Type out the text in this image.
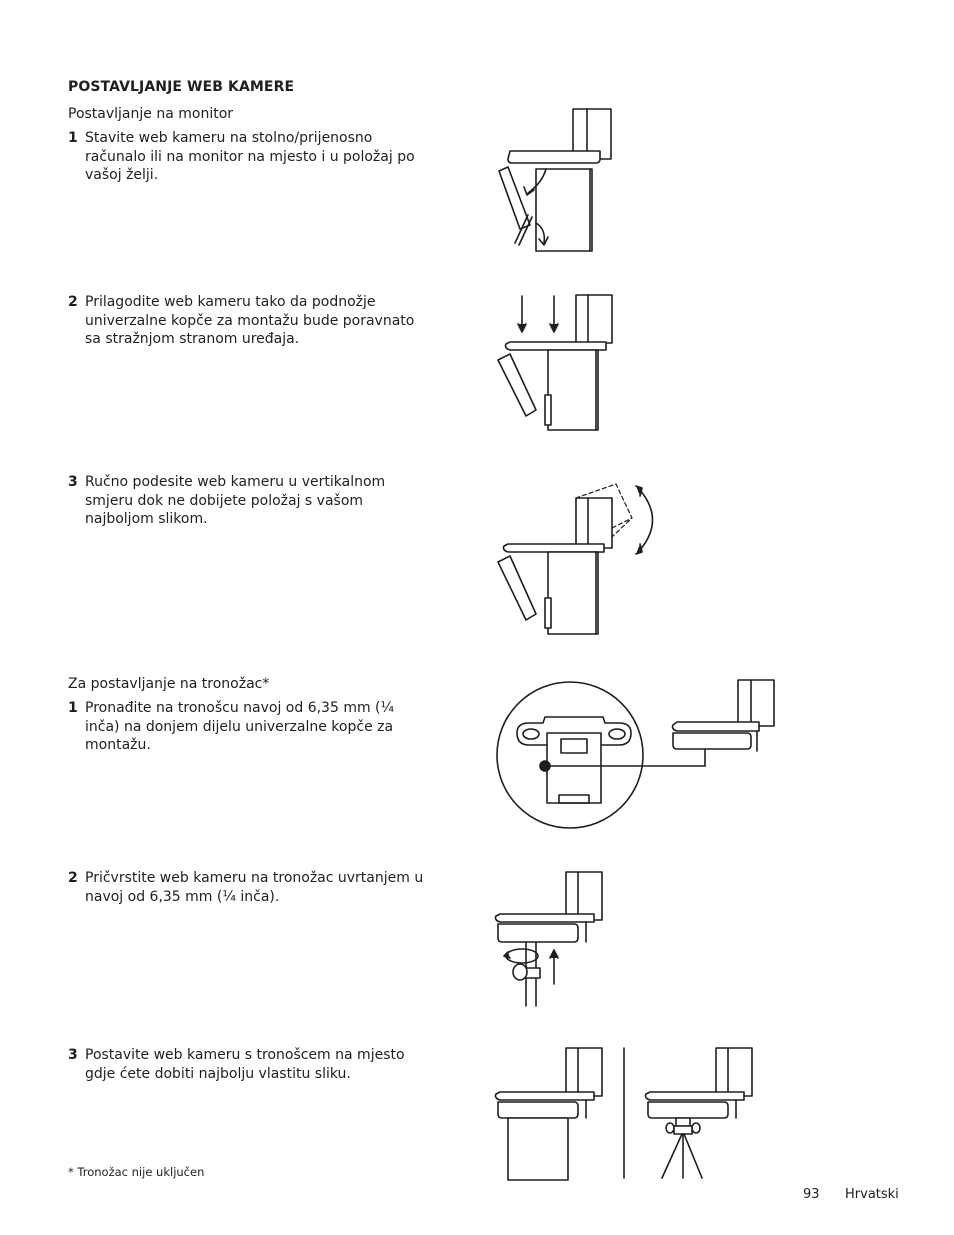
POSTAVLJANJE WEB KAMERE
Postavljanje na monitor
1 Stavite web kameru na stolno/prijenosno računalo ili na monitor na mjesto i u položaj po vašoj želji.
2 Prilagodite web kameru tako da podnožje univerzalne kopče za montažu bude poravnato sa stražnjom stranom uređaja.
3 Ručno podesite web kameru u vertikalnom smjeru dok ne dobijete položaj s vašom najboljom slikom.
Za postavljanje na tronožac*
1 Pronađite na tronošcu navoj od 6,35 mm (¼ inča) na donjem dijelu univerzalne kopče za montažu.
2 Pričvrstite web kameru na tronožac uvrtanjem u navoj od 6,35 mm (¼ inča).
3 Postavite web kameru s tronošcem na mjesto gdje ćete dobiti najbolju vlastitu sliku.
* Tronožac nije uključen
93 Hrvatski
